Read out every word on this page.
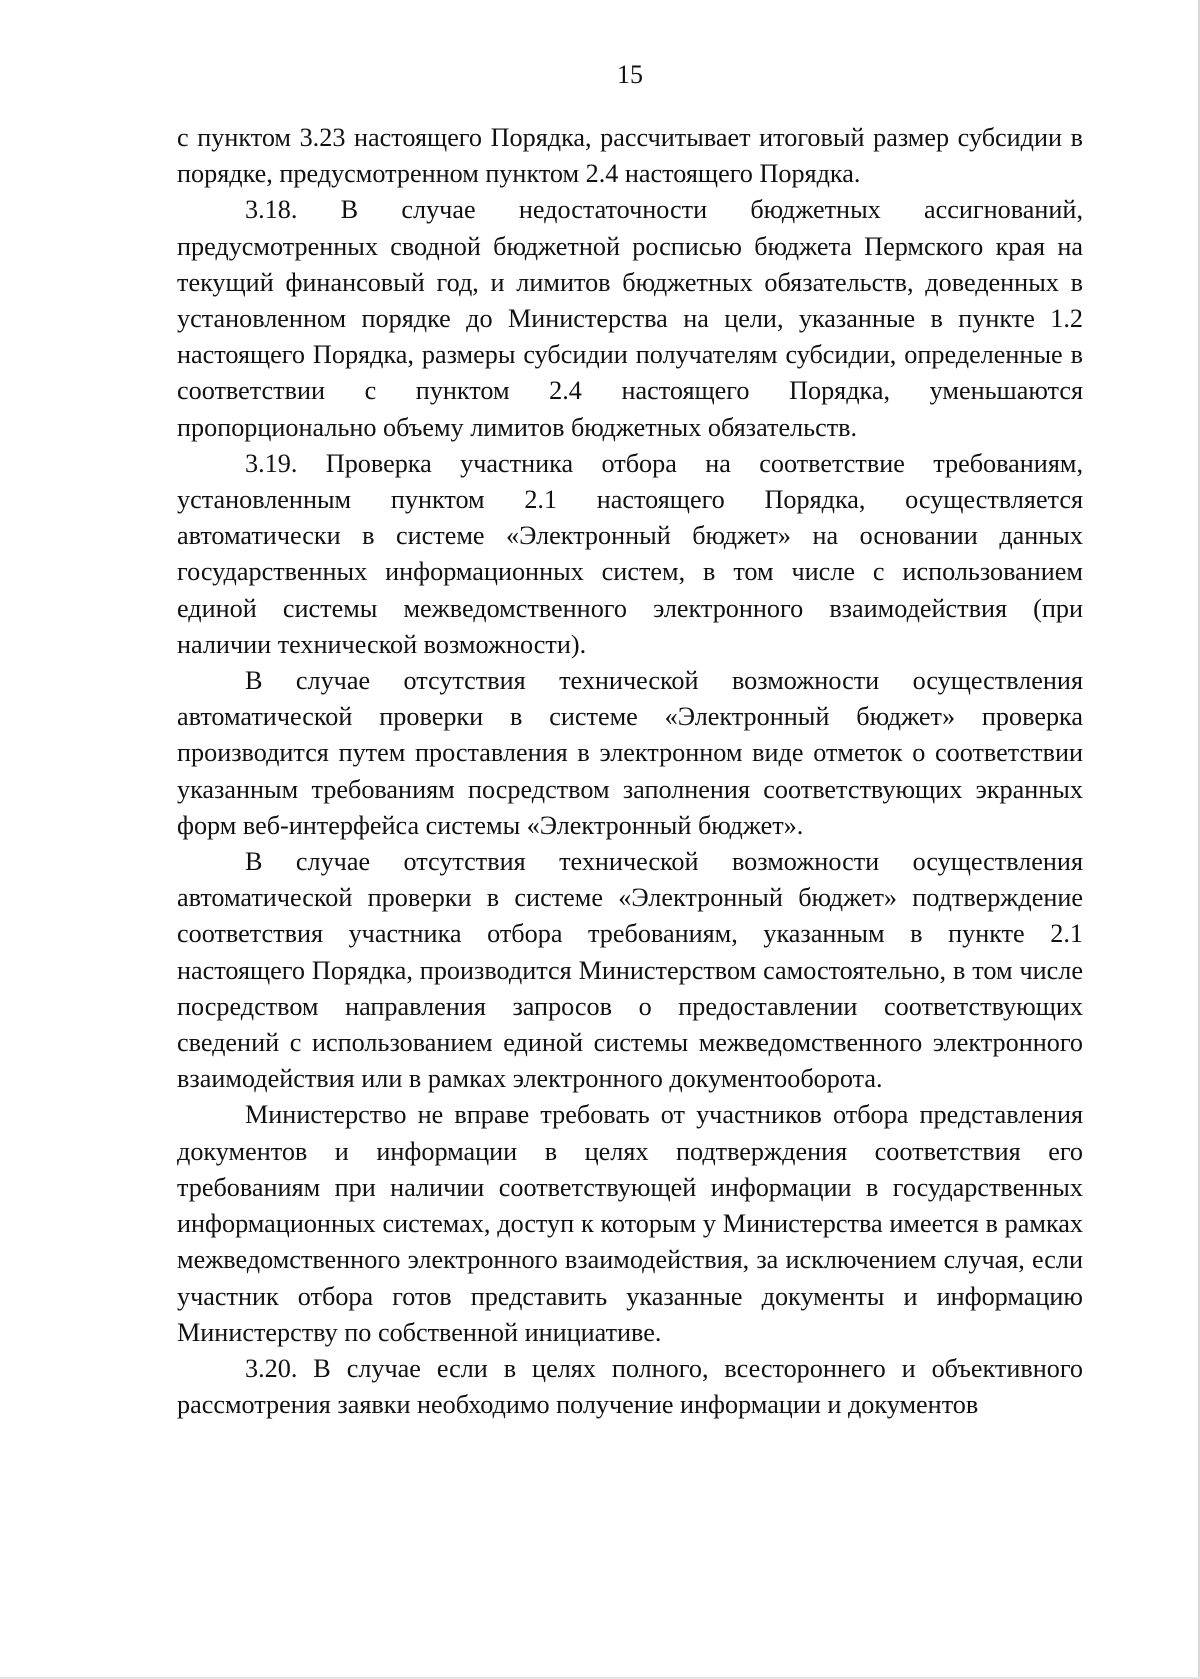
15

с пунктом 3.23 настоящего Порядка, рассчитывает итоговый размер субсидии в порядке, предусмотренном пунктом 2.4 настоящего Порядка.

3.18. В случае недостаточности бюджетных ассигнований, предусмотренных сводной бюджетной росписью бюджета Пермского края на текущий финансовый год, и лимитов бюджетных обязательств, доведенных в установленном порядке до Министерства на цели, указанные в пункте 1.2 настоящего Порядка, размеры субсидии получателям субсидии, определенные в соответствии с пунктом 2.4 настоящего Порядка, уменьшаются пропорционально объему лимитов бюджетных обязательств.

3.19. Проверка участника отбора на соответствие требованиям, установленным пунктом 2.1 настоящего Порядка, осуществляется автоматически в системе «Электронный бюджет» на основании данных государственных информационных систем, в том числе с использованием единой системы межведомственного электронного взаимодействия (при наличии технической возможности).

В случае отсутствия технической возможности осуществления автоматической проверки в системе «Электронный бюджет» проверка производится путем проставления в электронном виде отметок о соответствии указанным требованиям посредством заполнения соответствующих экранных форм веб-интерфейса системы «Электронный бюджет».

В случае отсутствия технической возможности осуществления автоматической проверки в системе «Электронный бюджет» подтверждение соответствия участника отбора требованиям, указанным в пункте 2.1 настоящего Порядка, производится Министерством самостоятельно, в том числе посредством направления запросов о предоставлении соответствующих сведений с использованием единой системы межведомственного электронного взаимодействия или в рамках электронного документооборота.

Министерство не вправе требовать от участников отбора представления документов и информации в целях подтверждения соответствия его требованиям при наличии соответствующей информации в государственных информационных системах, доступ к которым у Министерства имеется в рамках межведомственного электронного взаимодействия, за исключением случая, если участник отбора готов представить указанные документы и информацию Министерству по собственной инициативе.

3.20. В случае если в целях полного, всестороннего и объективного рассмотрения заявки необходимо получение информации и документов
